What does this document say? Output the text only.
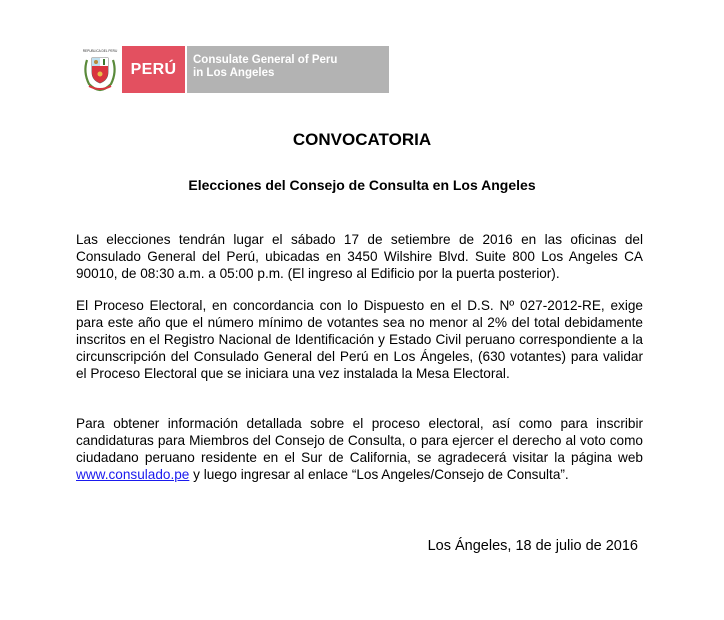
REPUBLICA DEL PERU
PERÚ
Consulate General of Peru
in Los Angeles
CONVOCATORIA
Elecciones del Consejo de Consulta en Los Angeles

Las elecciones tendrán lugar el sábado 17 de setiembre de 2016 en las oficinas del Consulado General del Perú, ubicadas en 3450 Wilshire Blvd. Suite 800 Los Angeles CA 90010, de 08:30 a.m. a 05:00 p.m. (El ingreso al Edificio por la puerta posterior).

El Proceso Electoral, en concordancia con lo Dispuesto en el D.S. Nº 027-2012-RE, exige para este año que el número mínimo de votantes sea no menor al 2% del total debidamente inscritos en el Registro Nacional de Identificación y Estado Civil peruano correspondiente a la circunscripción del Consulado General del Perú en Los Ángeles, (630 votantes) para validar el Proceso Electoral que se iniciara una vez instalada la Mesa Electoral.

Para obtener información detallada sobre el proceso electoral, así como para inscribir candidaturas para Miembros del Consejo de Consulta, o para ejercer el derecho al voto como ciudadano peruano residente en el Sur de California, se agradecerá visitar la página web www.consulado.pe y luego ingresar al enlace “Los Angeles/Consejo de Consulta”.

Los Ángeles, 18 de julio de 2016
